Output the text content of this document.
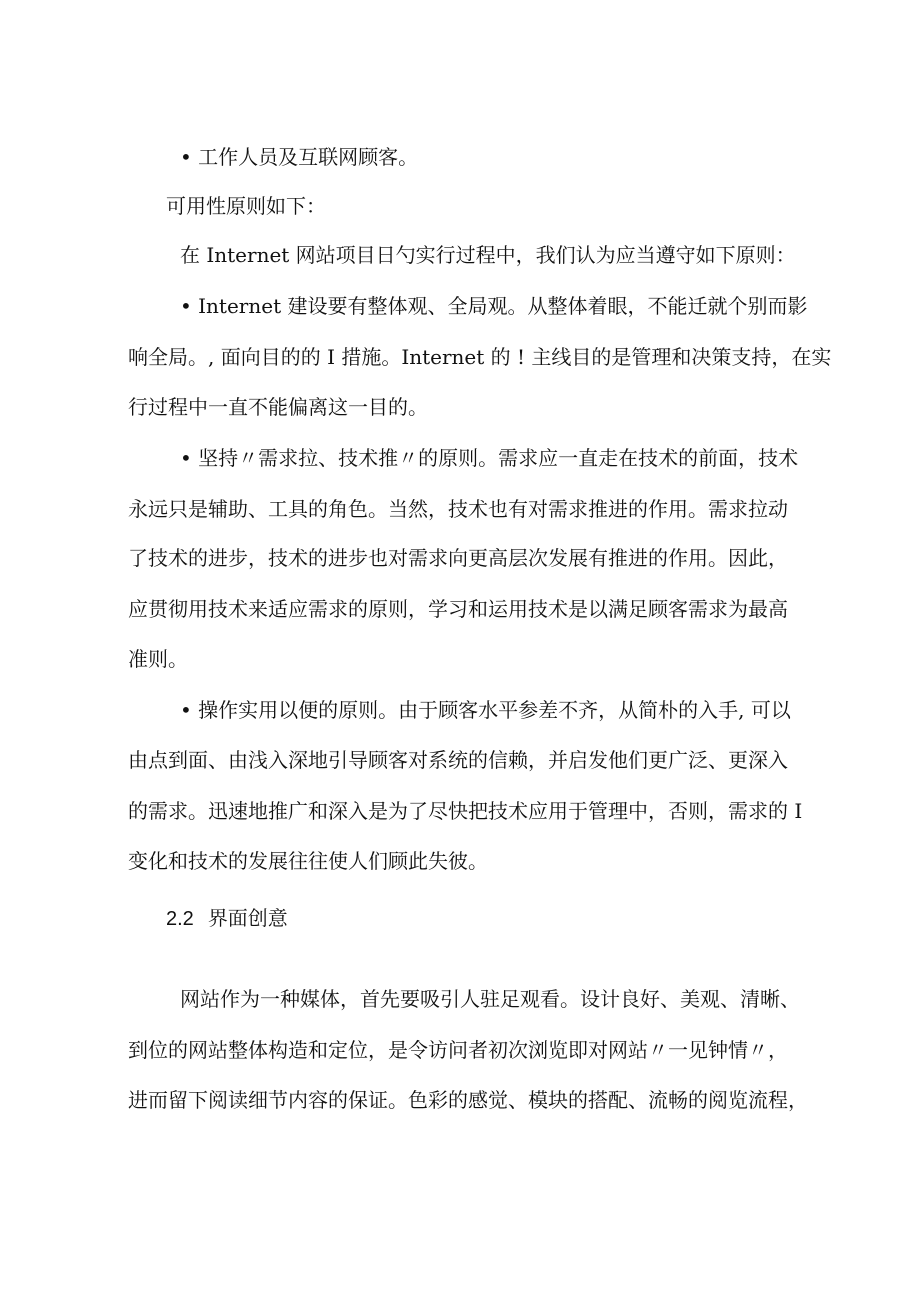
• 工作人员及互联网顾客。
可用性原则如下：
在 Internet 网站项目日勺实行过程中，我们认为应当遵守如下原则：
• Internet 建设要有整体观、全局观。从整体着眼，不能迁就个别而影
响全局。, 面向目的的 I 措施。Internet 的 ! 主线目的是管理和决策支持，在实
行过程中一直不能偏离这一目的。
• 坚持〃需求拉、技术推〃的原则。需求应一直走在技术的前面，技术
永远只是辅助、工具的角色。当然，技术也有对需求推进的作用。需求拉动
了技术的进步，技术的进步也对需求向更高层次发展有推进的作用。因此，
应贯彻用技术来适应需求的原则，学习和运用技术是以满足顾客需求为最高
准则。
• 操作实用以便的原则。由于顾客水平参差不齐，从简朴的入手, 可以
由点到面、由浅入深地引导顾客对系统的信赖，并启发他们更广泛、更深入
的需求。迅速地推广和深入是为了尽快把技术应用于管理中，否则，需求的 I
变化和技术的发展往往使人们顾此失彼。
2.2 界面创意
网站作为一种媒体，首先要吸引人驻足观看。设计良好、美观、清晰、
到位的网站整体构造和定位，是令访问者初次浏览即对网站〃一见钟情〃，
进而留下阅读细节内容的保证。色彩的感觉、模块的搭配、流畅的阅览流程，
